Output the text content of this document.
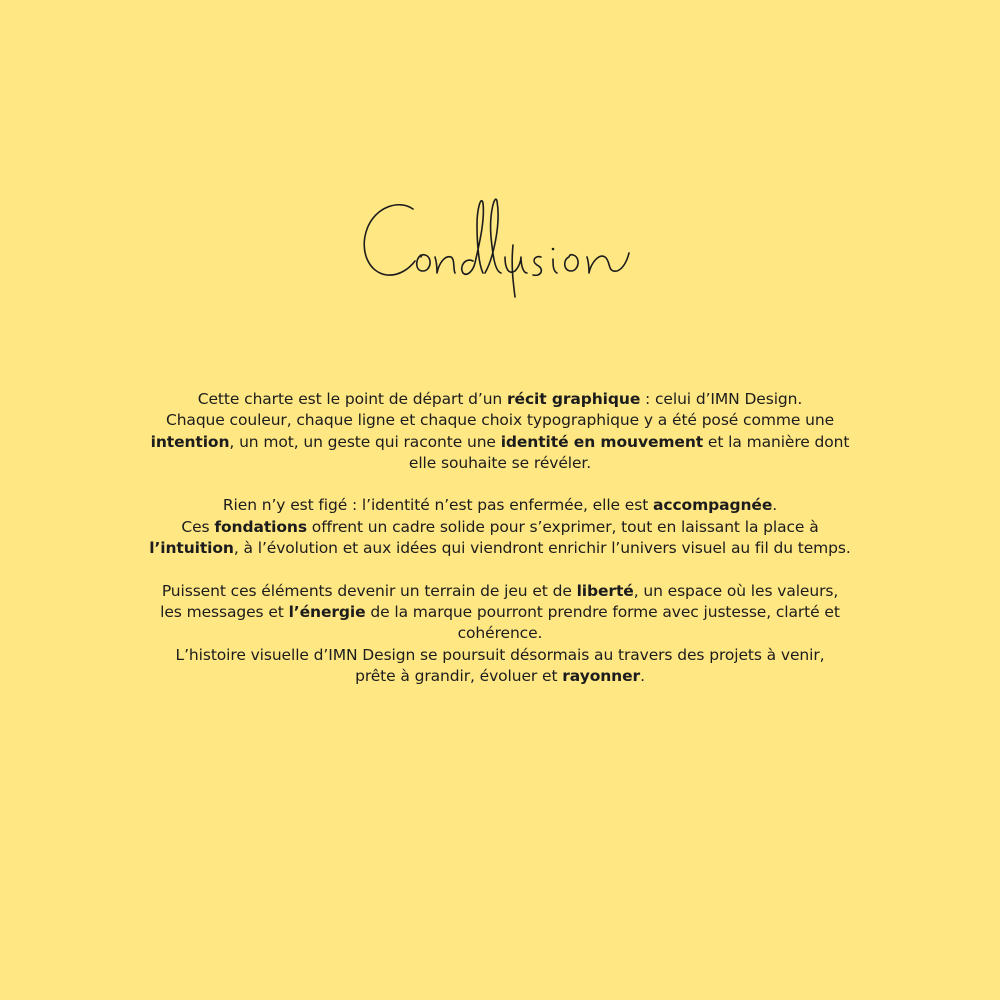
Cette charte est le point de départ d’un récit graphique : celui d’IMN Design.

Chaque couleur, chaque ligne et chaque choix typographique y a été posé comme une

intention, un mot, un geste qui raconte une identité en mouvement et la manière dont

elle souhaite se révéler.

Rien n’y est figé : l’identité n’est pas enfermée, elle est accompagnée.

Ces fondations offrent un cadre solide pour s’exprimer, tout en laissant la place à

l’intuition, à l’évolution et aux idées qui viendront enrichir l’univers visuel au fil du temps.

Puissent ces éléments devenir un terrain de jeu et de liberté, un espace où les valeurs,

les messages et l’énergie de la marque pourront prendre forme avec justesse, clarté et

cohérence.

L’histoire visuelle d’IMN Design se poursuit désormais au travers des projets à venir,

prête à grandir, évoluer et rayonner.
